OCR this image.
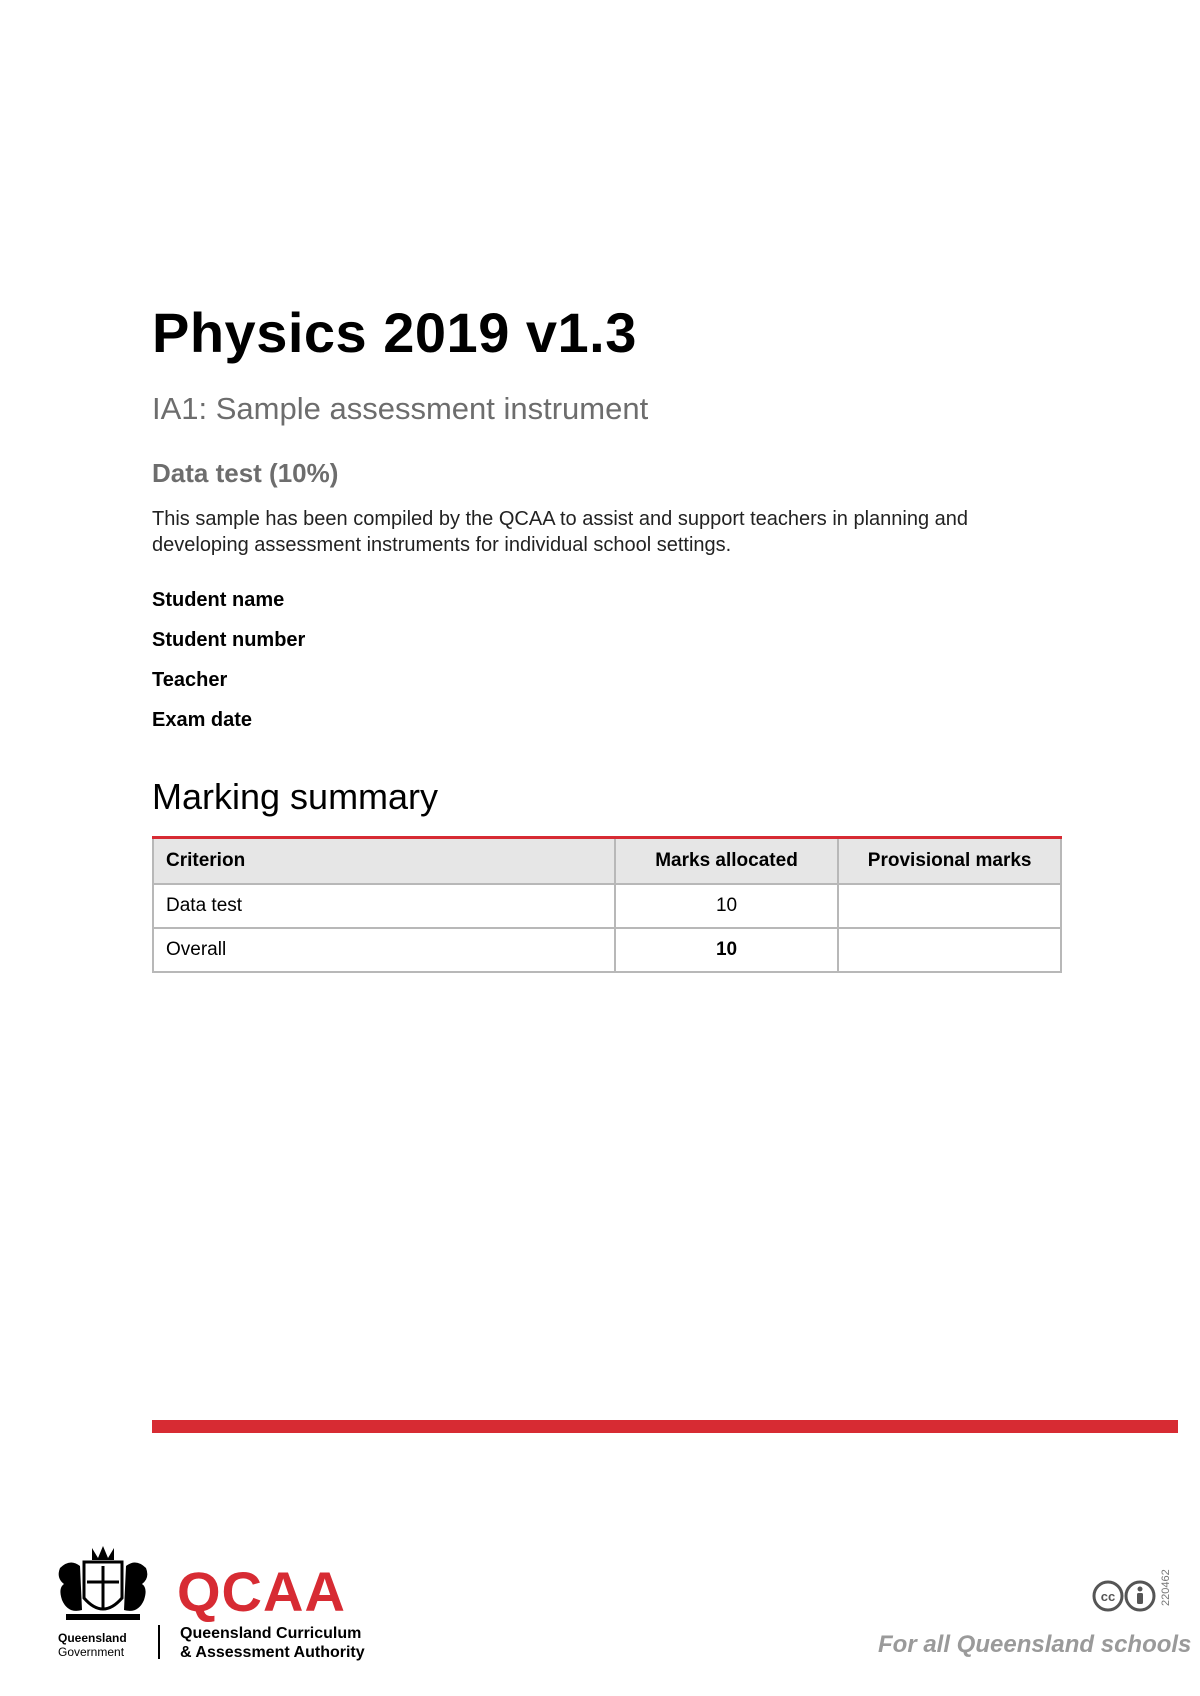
Physics 2019 v1.3
IA1: Sample assessment instrument
Data test (10%)

This sample has been compiled by the QCAA to assist and support teachers in planning and developing assessment instruments for individual school settings.

Student name
Student number
Teacher
Exam date
Marking summary
Criterion	Marks allocated	Provisional marks
Data test	10	
Overall	10	
Queensland
Government
QCAA
Queensland Curriculum
& Assessment Authority
cc
For all Queensland schools
220462
